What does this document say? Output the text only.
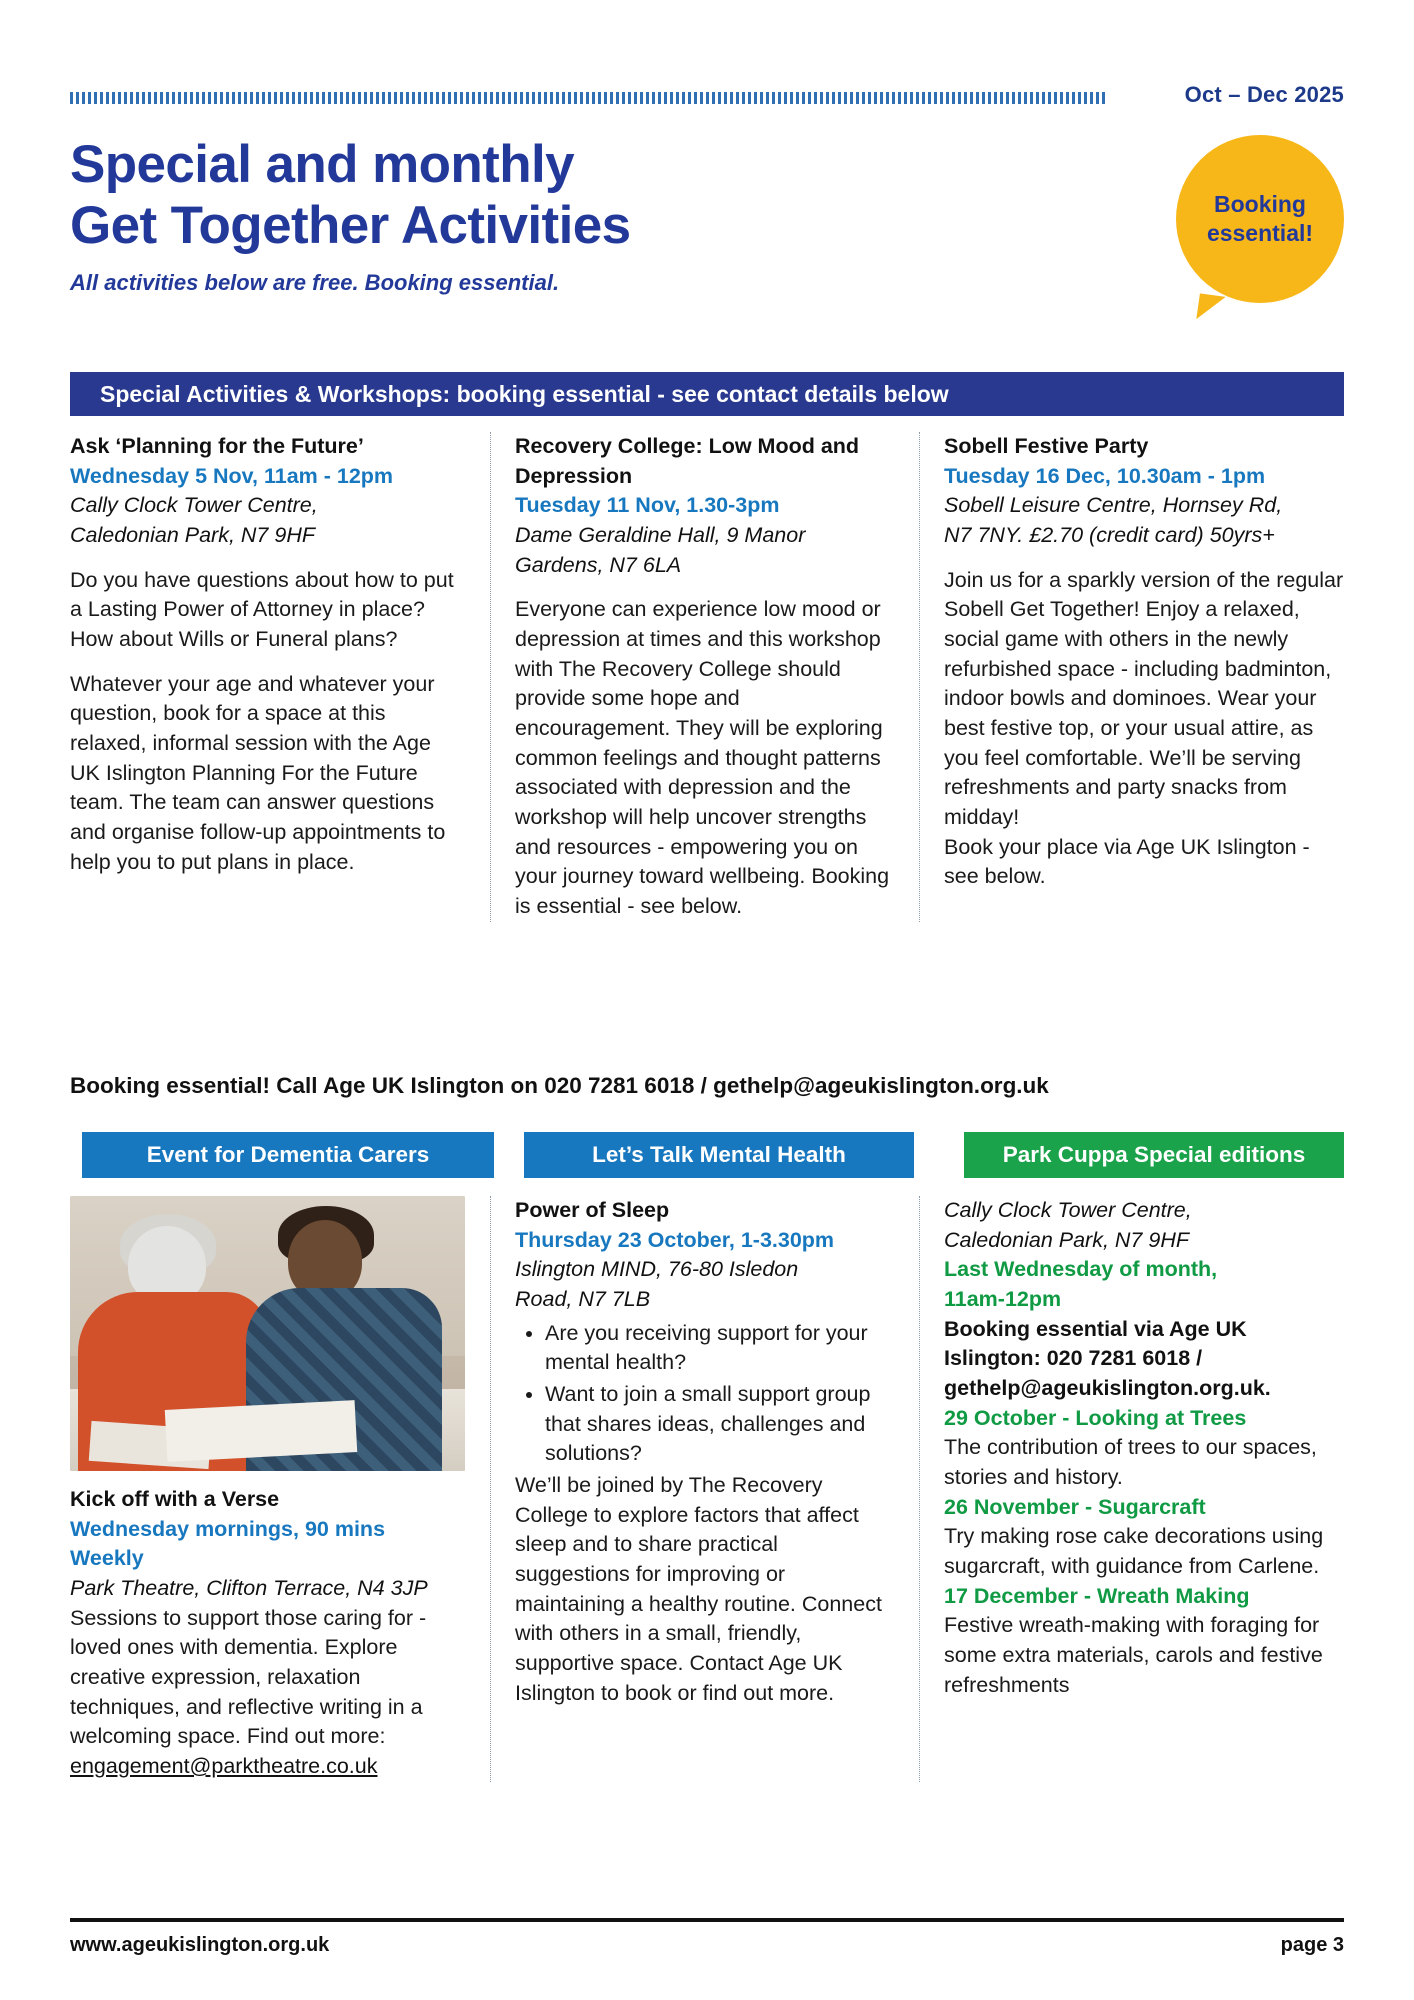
Oct – Dec 2025
Special and monthly
Get Together Activities
All activities below are free. Booking essential.
Booking
essential!
Special Activities & Workshops: booking essential - see contact details below
Ask ‘Planning for the Future’
Wednesday 5 Nov, 11am - 12pm
Cally Clock Tower Centre,
Caledonian Park, N7 9HF
Do you have questions about how to put a Lasting Power of Attorney in place? How about Wills or Funeral plans?
Whatever your age and whatever your question, book for a space at this relaxed, informal session with the Age UK Islington Planning For the Future team. The team can answer questions and organise follow-up appointments to help you to put plans in place.
Recovery College: Low Mood and Depression
Tuesday 11 Nov, 1.30-3pm
Dame Geraldine Hall, 9 Manor
Gardens, N7 6LA
Everyone can experience low mood or depression at times and this workshop with The Recovery College should provide some hope and encouragement. They will be exploring common feelings and thought patterns associated with depression and the workshop will help uncover strengths and resources - empowering you on your journey toward wellbeing. Booking is essential - see below.
Sobell Festive Party
Tuesday 16 Dec, 10.30am - 1pm
Sobell Leisure Centre, Hornsey Rd,
N7 7NY. £2.70 (credit card) 50yrs+
Join us for a sparkly version of the regular Sobell Get Together! Enjoy a relaxed, social game with others in the newly refurbished space - including badminton, indoor bowls and dominoes. Wear your best festive top, or your usual attire, as you feel comfortable. We’ll be serving refreshments and party snacks from midday!
Book your place via Age UK Islington - see below.
Booking essential! Call Age UK Islington on 020 7281 6018 / gethelp@ageukislington.org.uk
Event for Dementia Carers	Let’s Talk Mental Health	Park Cuppa Special editions
Kick off with a Verse
Wednesday mornings, 90 mins
Weekly
Park Theatre, Clifton Terrace, N4 3JP
Sessions to support those caring for - loved ones with dementia. Explore creative expression, relaxation techniques, and reflective writing in a welcoming space. Find out more:
engagement@parktheatre.co.uk
Power of Sleep
Thursday 23 October, 1-3.30pm
Islington MIND, 76-80 Isledon
Road, N7 7LB
• Are you receiving support for your mental health?
• Want to join a small support group that shares ideas, challenges and solutions?
We’ll be joined by The Recovery College to explore factors that affect sleep and to share practical suggestions for improving or maintaining a healthy routine. Connect with others in a small, friendly, supportive space. Contact Age UK Islington to book or find out more.
Cally Clock Tower Centre,
Caledonian Park, N7 9HF
Last Wednesday of month,
11am-12pm
Booking essential via Age UK Islington: 020 7281 6018 / gethelp@ageukislington.org.uk.
29 October - Looking at Trees
The contribution of trees to our spaces, stories and history.
26 November - Sugarcraft
Try making rose cake decorations using sugarcraft, with guidance from Carlene.
17 December - Wreath Making
Festive wreath-making with foraging for some extra materials, carols and festive refreshments
www.ageukislington.org.uk	page 3
